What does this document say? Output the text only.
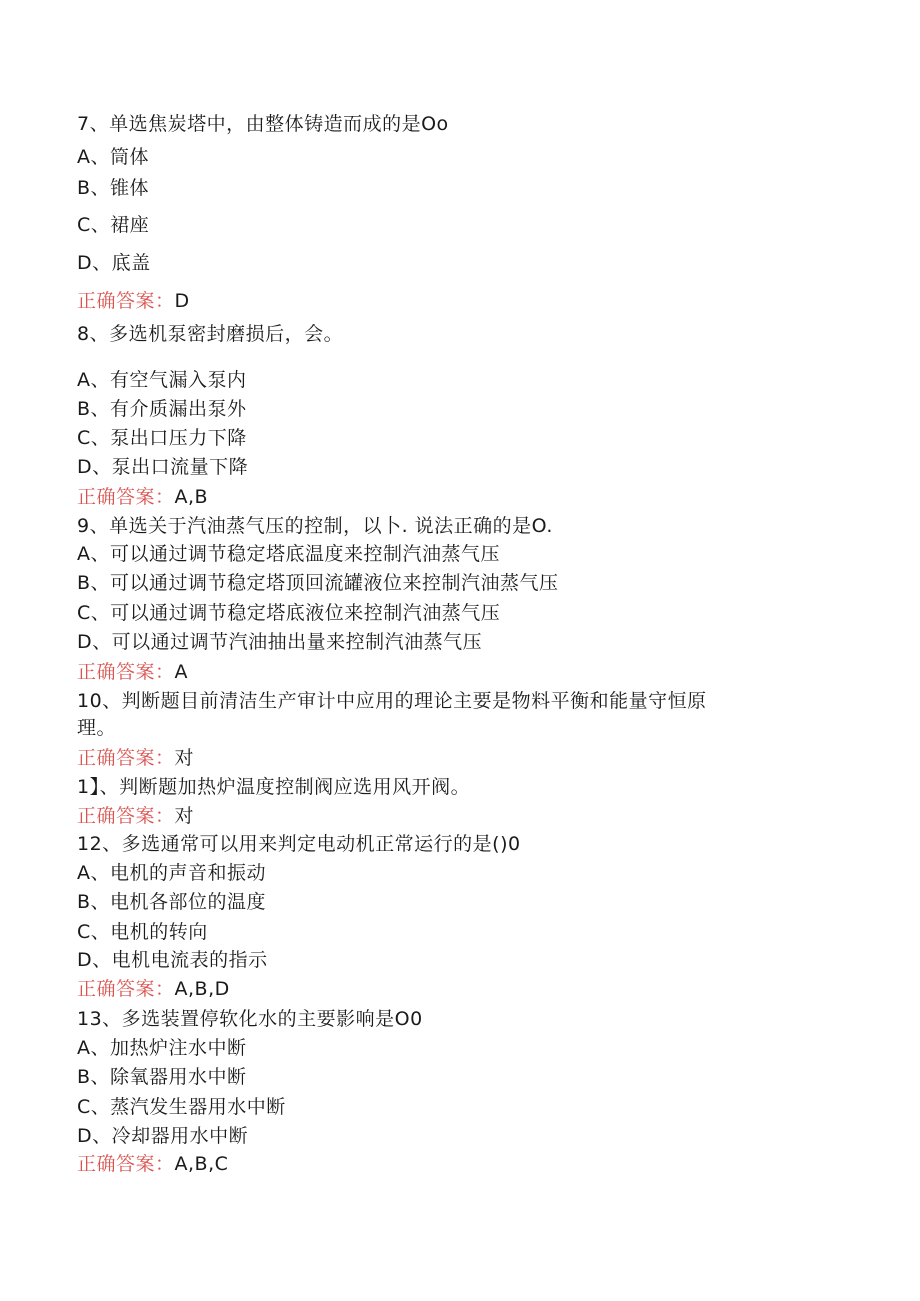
7、单选焦炭塔中，由整体铸造而成的是Oo
A、筒体
B、锥体
C、裙座
D、底盖
正确答案：D
8、多选机泵密封磨损后，会。
A、有空气漏入泵内
B、有介质漏出泵外
C、泵出口压力下降
D、泵出口流量下降
正确答案：A,B
9、单选关于汽油蒸气压的控制，以卜. 说法正确的是O.
A、可以通过调节稳定塔底温度来控制汽油蒸气压
B、可以通过调节稳定塔顶回流罐液位来控制汽油蒸气压
C、可以通过调节稳定塔底液位来控制汽油蒸气压
D、可以通过调节汽油抽出量来控制汽油蒸气压
正确答案：A
10、判断题目前清洁生产审计中应用的理论主要是物料平衡和能量守恒原
理。
正确答案：对
1】、判断题加热炉温度控制阀应选用风开阀。
正确答案：对
12、多选通常可以用来判定电动机正常运行的是()0
A、电机的声音和振动
B、电机各部位的温度
C、电机的转向
D、电机电流表的指示
正确答案：A,B,D
13、多选装置停软化水的主要影响是O0
A、加热炉注水中断
B、除氧器用水中断
C、蒸汽发生器用水中断
D、冷却器用水中断
正确答案：A,B,C
